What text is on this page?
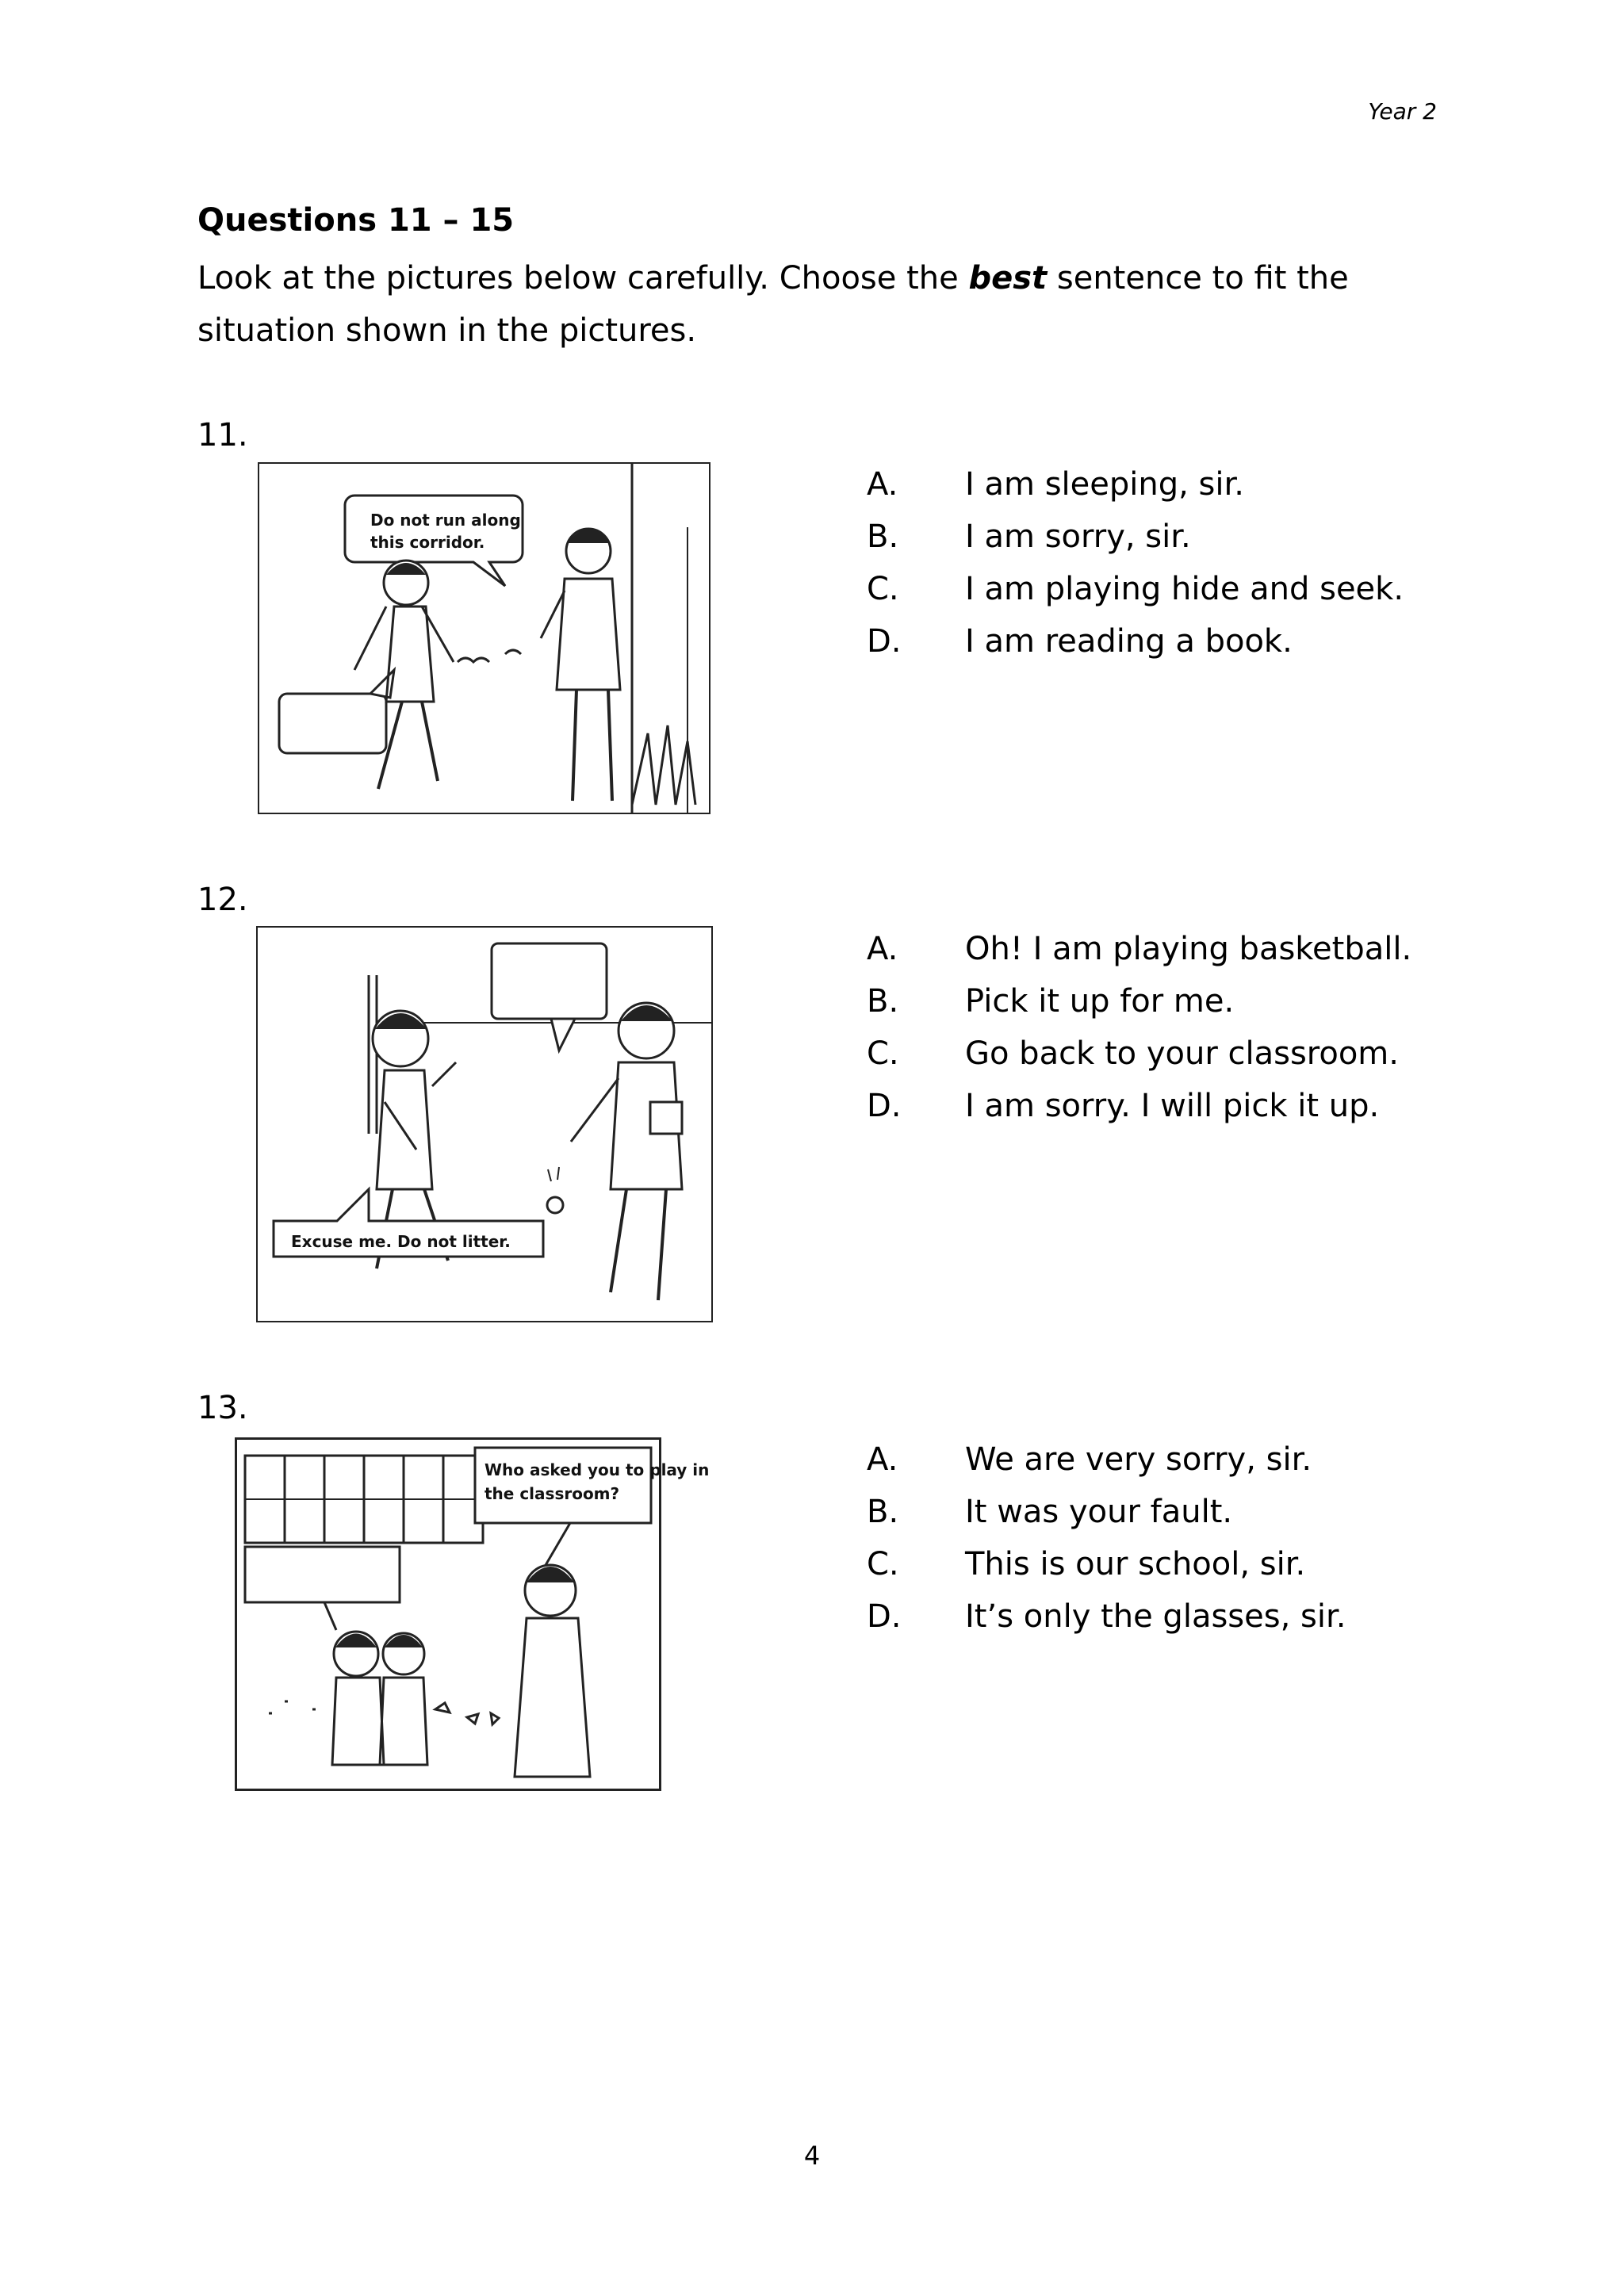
Year 2
Questions 11 – 15
Look at the pictures below carefully. Choose the best sentence to fit the situation shown in the pictures.
11.
Do not run along
this corridor.
A.	I am sleeping, sir.
B.	I am sorry, sir.
C.	I am playing hide and seek.
D.	I am reading a book.
12.
Excuse me. Do not litter.
A.	Oh! I am playing basketball.
B.	Pick it up for me.
C.	Go back to your classroom.
D.	I am sorry. I will pick it up.
13.
Who asked you to play in
the classroom?
A.	We are very sorry, sir.
B.	It was your fault.
C.	This is our school, sir.
D.	It’s only the glasses, sir.
4
